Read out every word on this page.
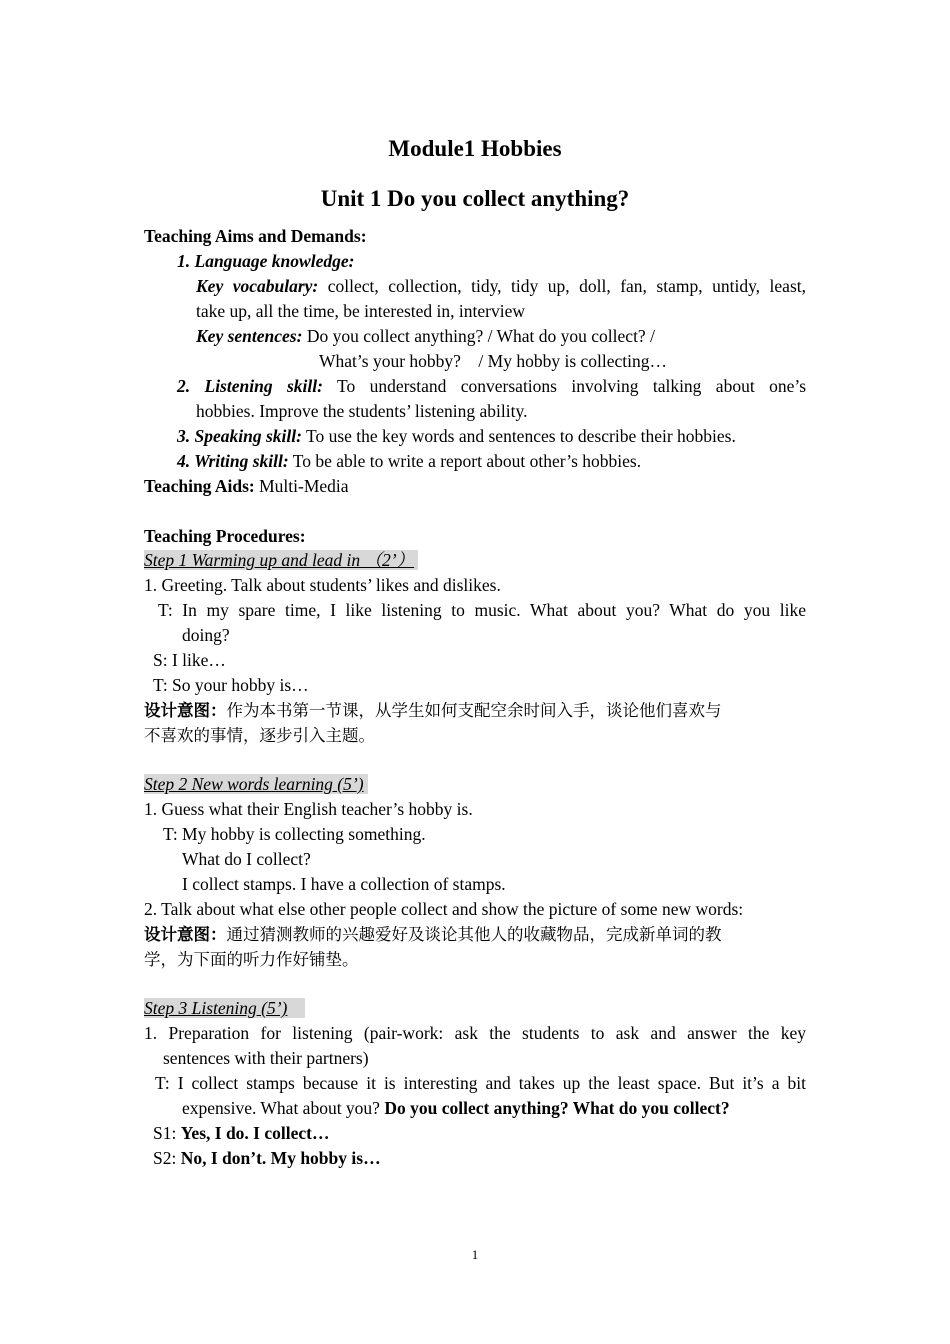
Module1 Hobbies
Unit 1 Do you collect anything?
Teaching Aims and Demands:
1. Language knowledge:
Key vocabulary: collect, collection, tidy, tidy up, doll, fan, stamp, untidy, least,
take up, all the time, be interested in, interview
Key sentences: Do you collect anything? / What do you collect? /
What’s your hobby?    / My hobby is collecting…
2. Listening skill: To understand conversations involving talking about one’s
hobbies. Improve the students’ listening ability.
3. Speaking skill: To use the key words and sentences to describe their hobbies.
4. Writing skill: To be able to write a report about other’s hobbies.
Teaching Aids: Multi-Media
Teaching Procedures:
Step 1 Warming up and lead in （2’）
1. Greeting. Talk about students’ likes and dislikes.
T: In my spare time, I like listening to music. What about you? What do you like
doing?
S: I like…
T: So your hobby is…
设计意图：作为本书第一节课，从学生如何支配空余时间入手，谈论他们喜欢与
不喜欢的事情，逐步引入主题。
Step 2 New words learning (5’)
1. Guess what their English teacher’s hobby is.
T: My hobby is collecting something.
What do I collect?
I collect stamps. I have a collection of stamps.
2. Talk about what else other people collect and show the picture of some new words:
设计意图：通过猜测教师的兴趣爱好及谈论其他人的收藏物品，完成新单词的教
学，为下面的听力作好铺垫。
Step 3 Listening (5’)
1. Preparation for listening (pair-work: ask the students to ask and answer the key
sentences with their partners)
T: I collect stamps because it is interesting and takes up the least space. But it’s a bit
expensive. What about you? Do you collect anything? What do you collect?
S1: Yes, I do. I collect…
S2: No, I don’t. My hobby is…
1
